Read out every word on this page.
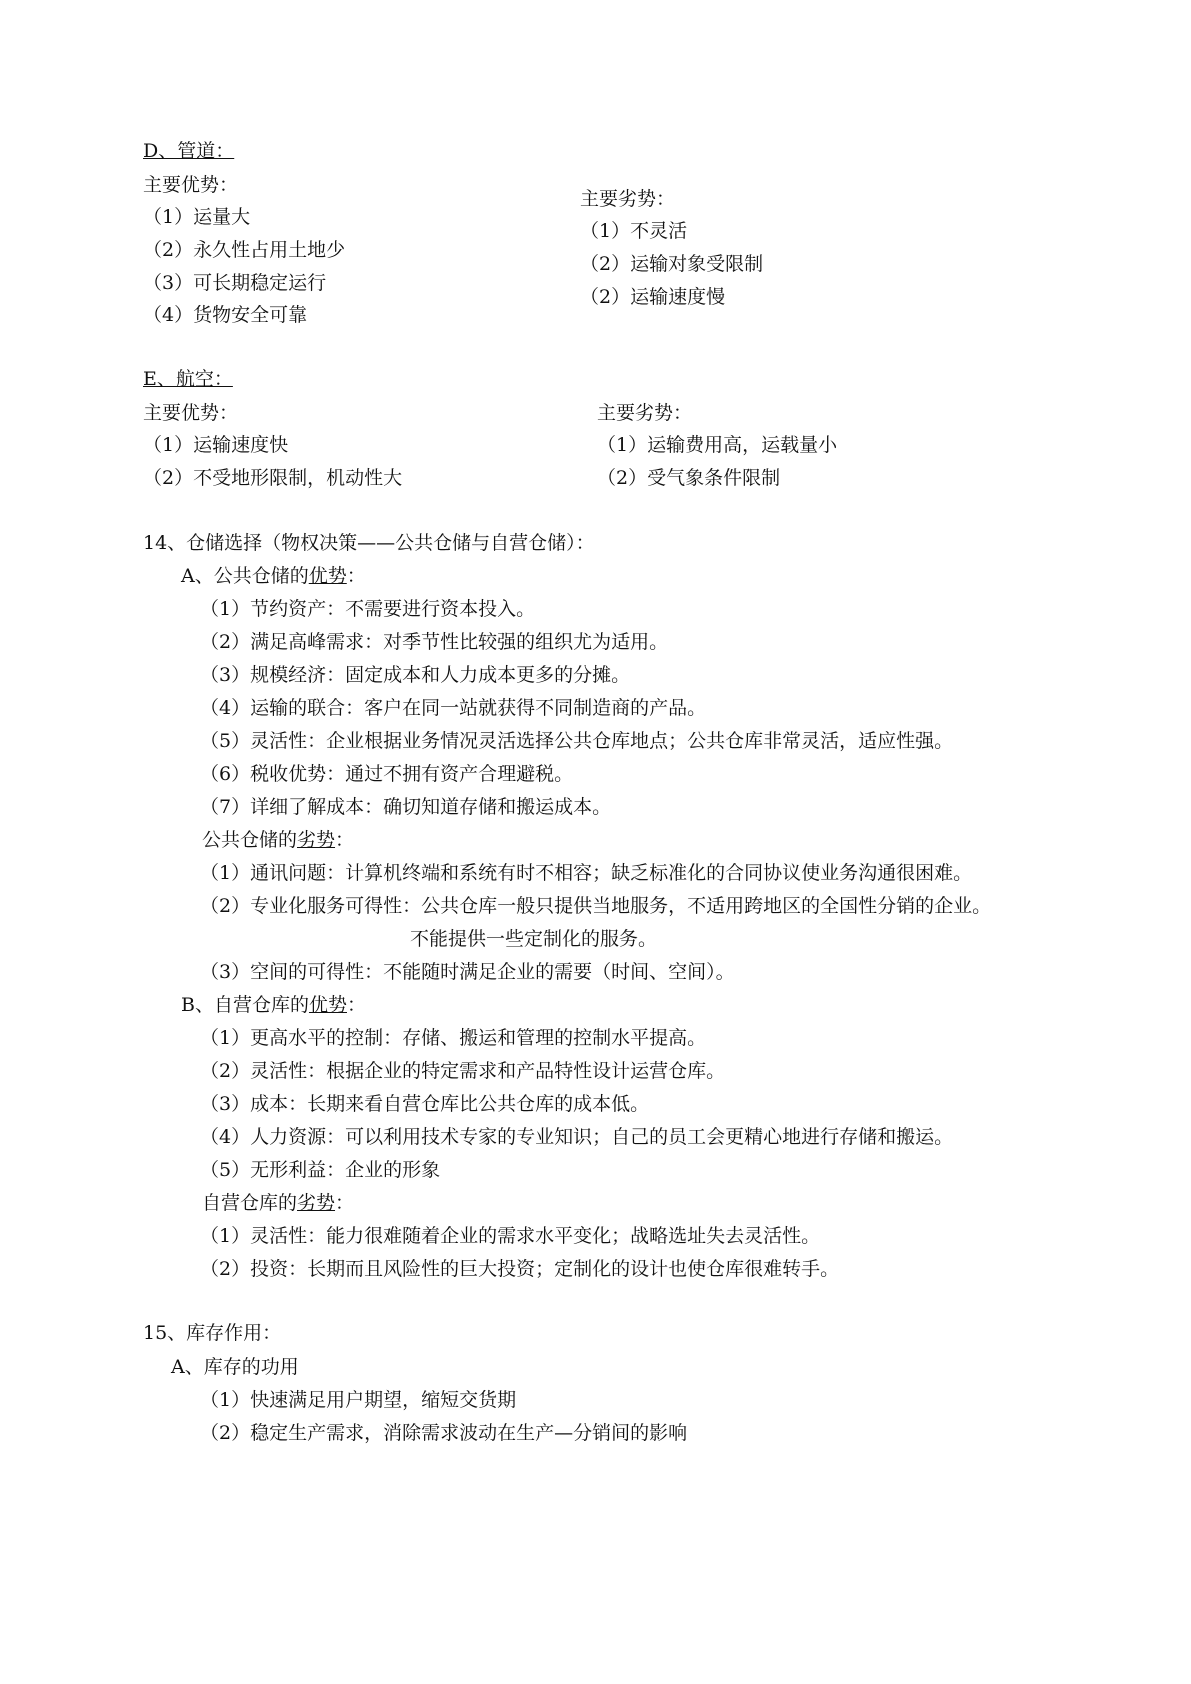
D、管道：
主要优势：
（1）运量大
（2）永久性占用土地少
（3）可长期稳定运行
（4）货物安全可靠
主要劣势：
（1）不灵活
（2）运输对象受限制
（2）运输速度慢
E、航空：
主要优势：
（1）运输速度快
（2）不受地形限制，机动性大
主要劣势：
（1）运输费用高，运载量小
（2）受气象条件限制
14、仓储选择（物权决策——公共仓储与自营仓储）：
A、公共仓储的优势：
（1）节约资产：不需要进行资本投入。
（2）满足高峰需求：对季节性比较强的组织尤为适用。
（3）规模经济：固定成本和人力成本更多的分摊。
（4）运输的联合：客户在同一站就获得不同制造商的产品。
（5）灵活性：企业根据业务情况灵活选择公共仓库地点；公共仓库非常灵活，适应性强。
（6）税收优势：通过不拥有资产合理避税。
（7）详细了解成本：确切知道存储和搬运成本。
公共仓储的劣势：
（1）通讯问题：计算机终端和系统有时不相容；缺乏标准化的合同协议使业务沟通很困难。
（2）专业化服务可得性：公共仓库一般只提供当地服务，不适用跨地区的全国性分销的企业。
不能提供一些定制化的服务。
（3）空间的可得性：不能随时满足企业的需要（时间、空间）。
B、自营仓库的优势：
（1）更高水平的控制：存储、搬运和管理的控制水平提高。
（2）灵活性：根据企业的特定需求和产品特性设计运营仓库。
（3）成本：长期来看自营仓库比公共仓库的成本低。
（4）人力资源：可以利用技术专家的专业知识；自己的员工会更精心地进行存储和搬运。
（5）无形利益：企业的形象
自营仓库的劣势：
（1）灵活性：能力很难随着企业的需求水平变化；战略选址失去灵活性。
（2）投资：长期而且风险性的巨大投资；定制化的设计也使仓库很难转手。
15、库存作用：
A、库存的功用
（1）快速满足用户期望，缩短交货期
（2）稳定生产需求，消除需求波动在生产—分销间的影响
